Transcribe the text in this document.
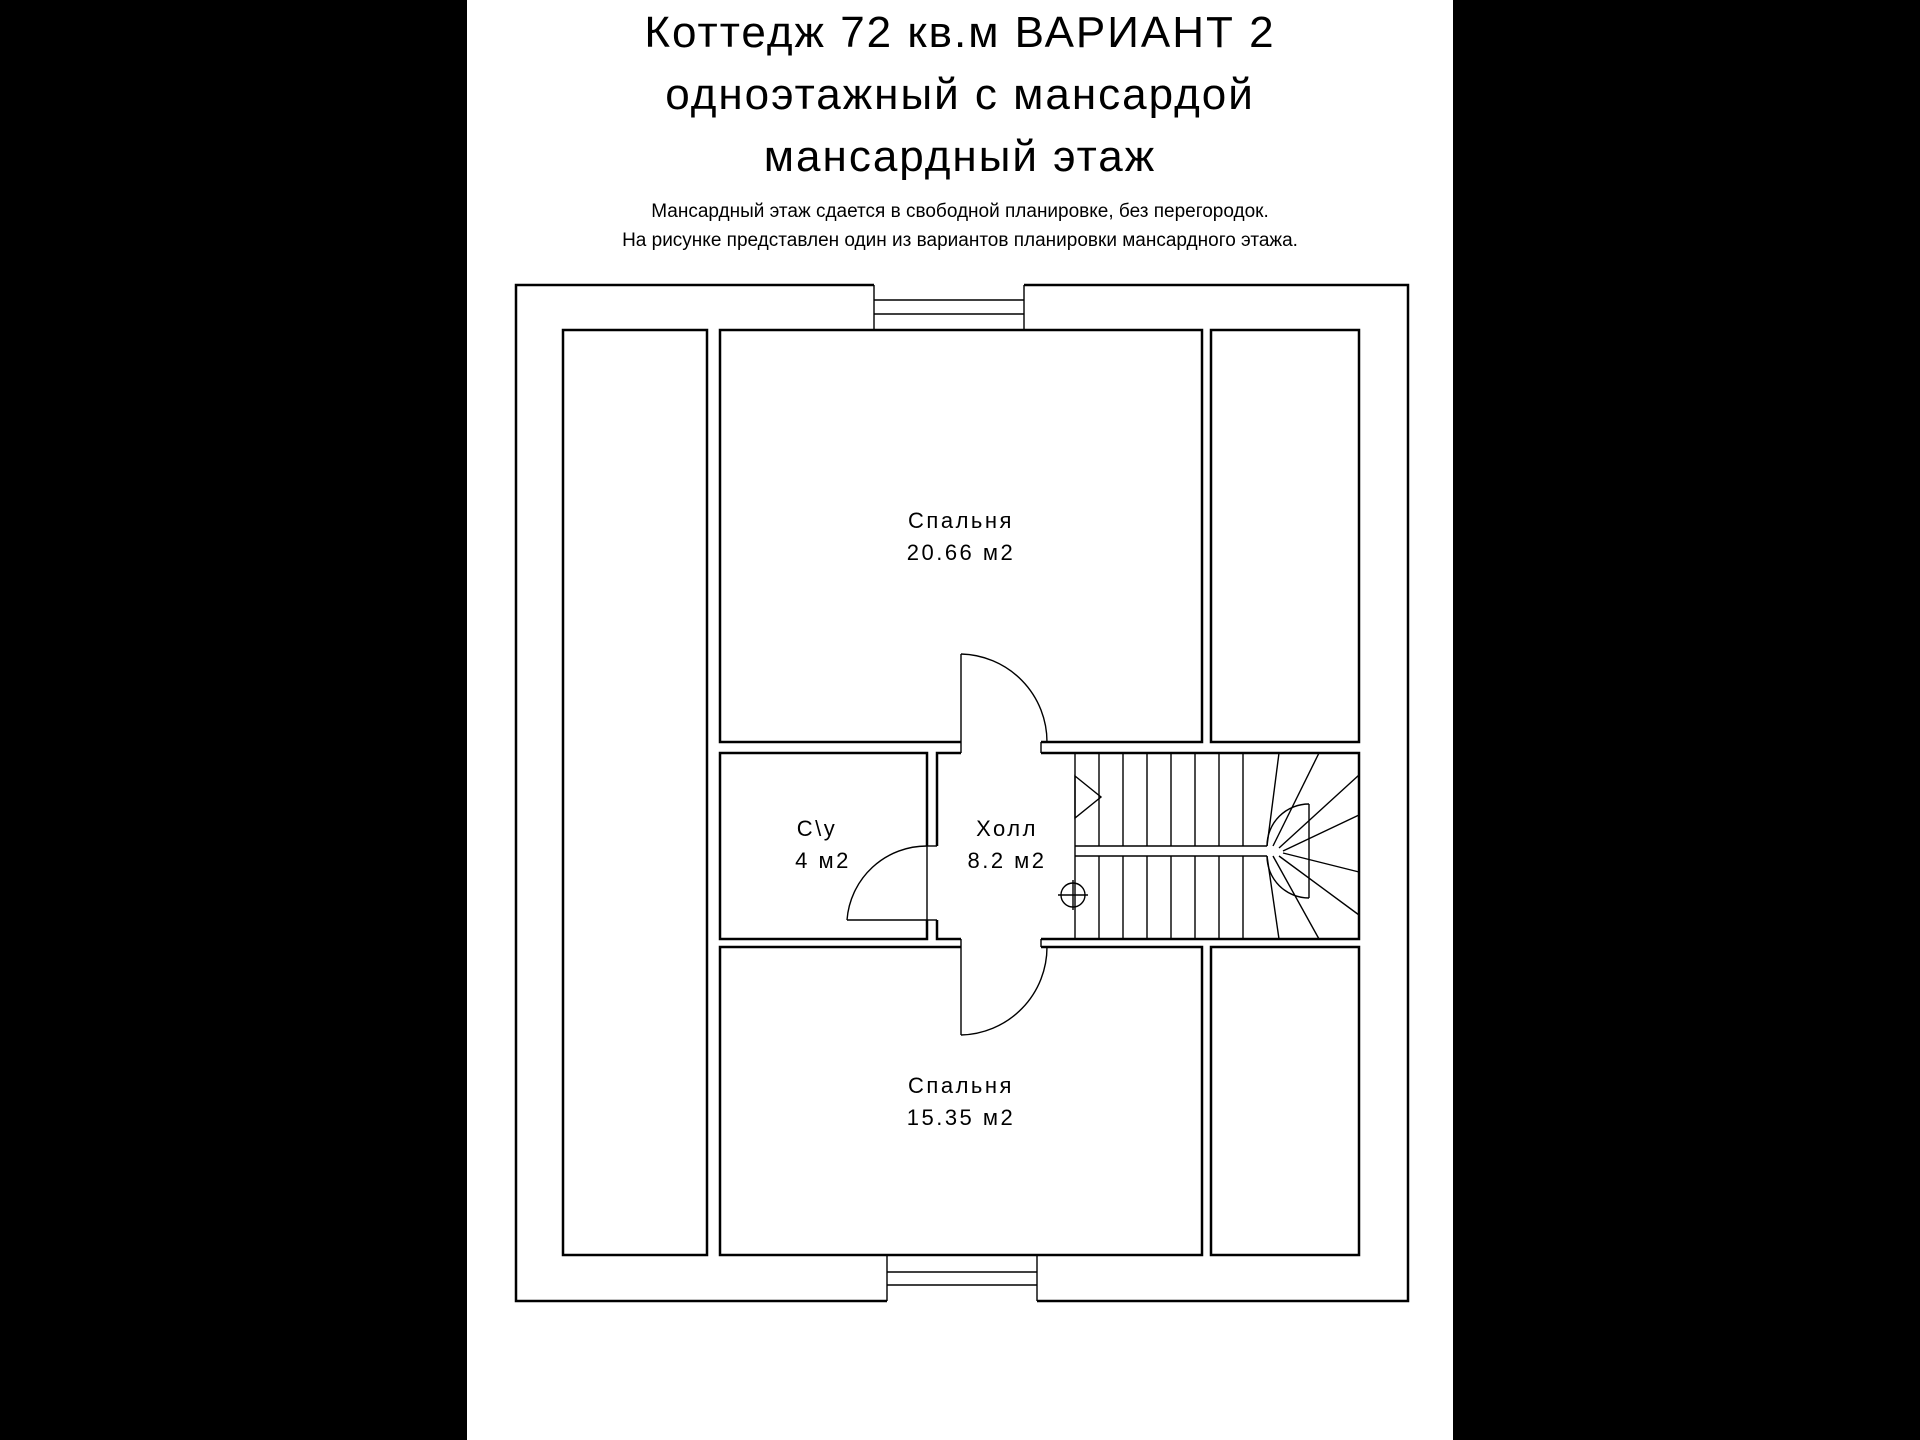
Коттедж 72 кв.м ВАРИАНТ 2
одноэтажный с мансардой
мансардный этаж
Мансардный этаж сдается в свободной планировке, без перегородок.
На рисунке представлен один из вариантов планировки мансардного этажа.
Спальня
20.66 м2
С\у
4 м2
Холл
8.2 м2
Спальня
15.35 м2
